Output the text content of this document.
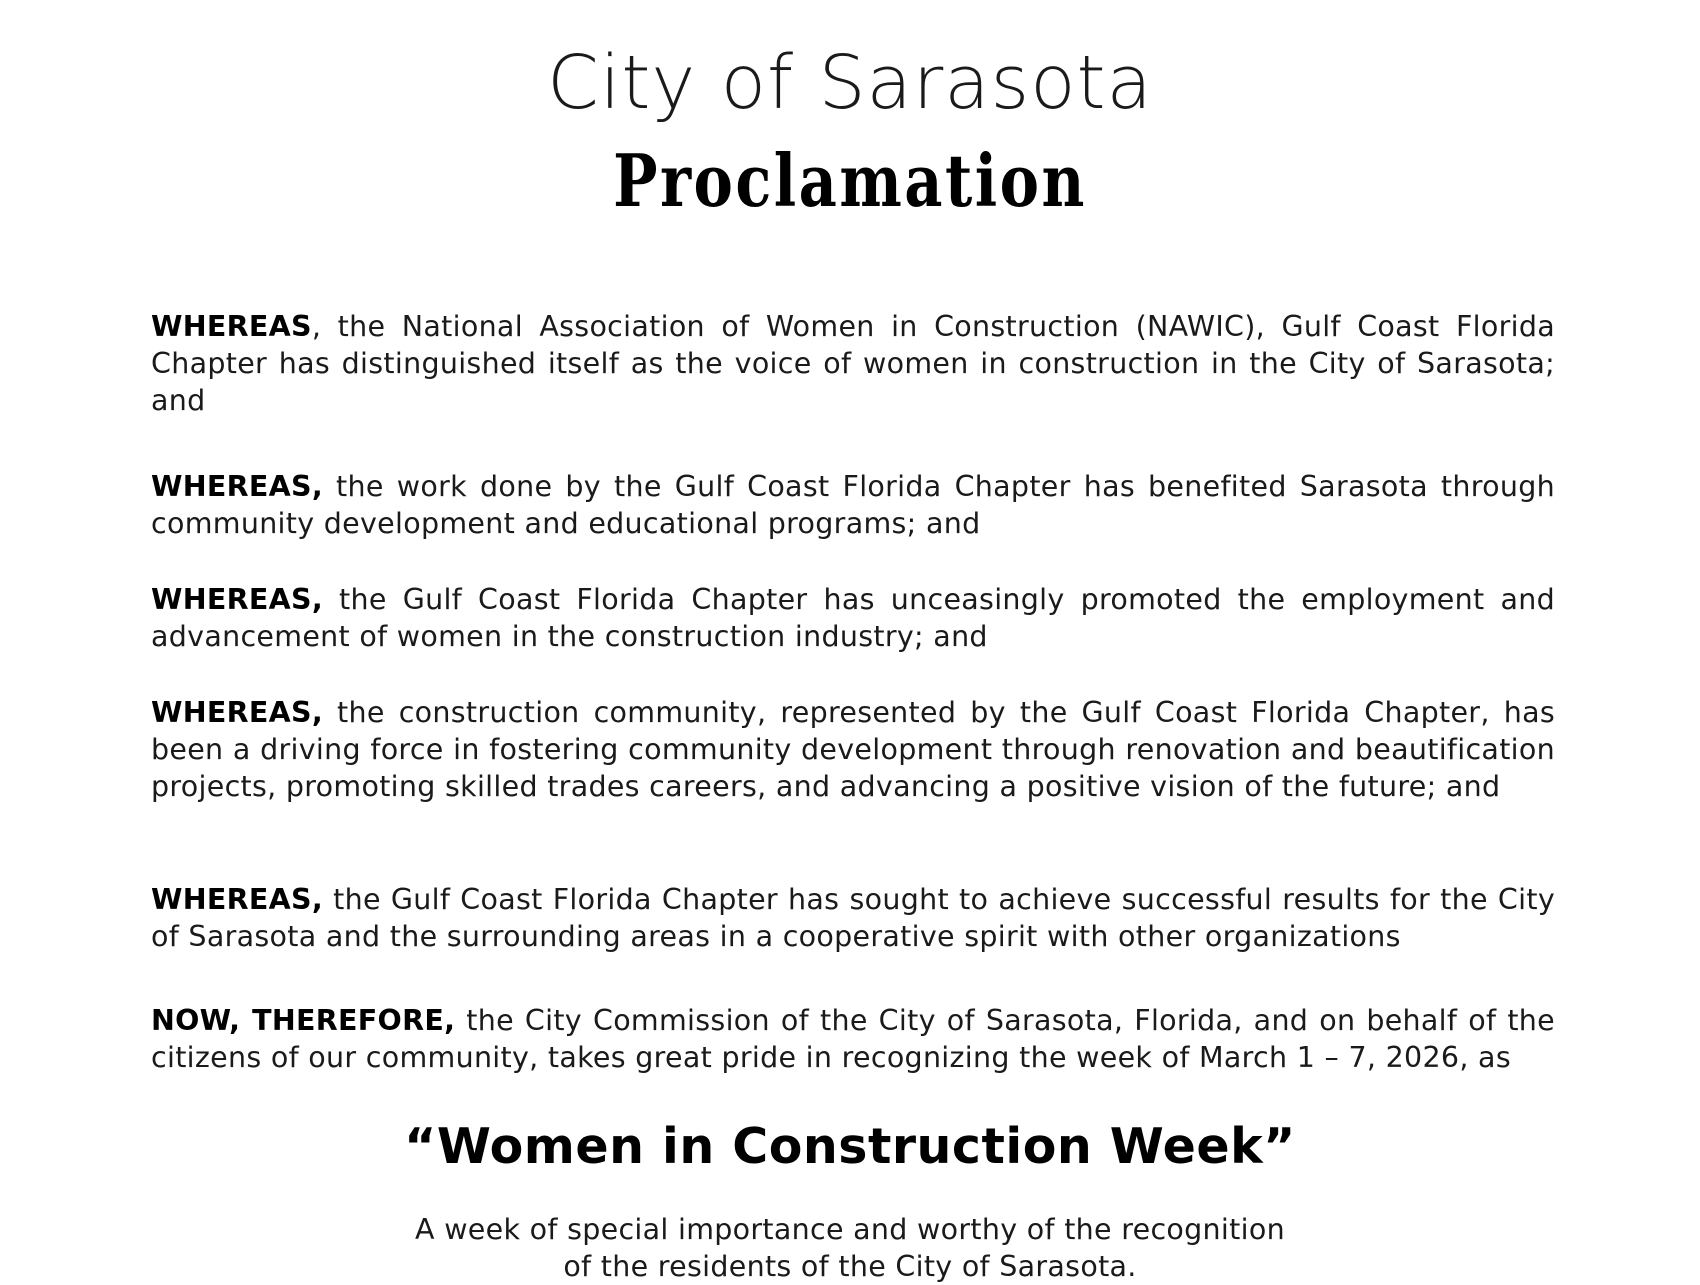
City of Sarasota
Proclamation
WHEREAS, the National Association of Women in Construction (NAWIC), Gulf Coast Florida Chapter has distinguished itself as the voice of women in construction in the City of Sarasota; and
WHEREAS, the work done by the Gulf Coast Florida Chapter has benefited Sarasota through community development and educational programs; and
WHEREAS, the Gulf Coast Florida Chapter has unceasingly promoted the employment and advancement of women in the construction industry; and
WHEREAS, the construction community, represented by the Gulf Coast Florida Chapter, has been a driving force in fostering community development through renovation and beautification projects, promoting skilled trades careers, and advancing a positive vision of the future; and
WHEREAS, the Gulf Coast Florida Chapter has sought to achieve successful results for the City of Sarasota and the surrounding areas in a cooperative spirit with other organizations
NOW, THEREFORE, the City Commission of the City of Sarasota, Florida, and on behalf of the citizens of our community, takes great pride in recognizing the week of March 1 – 7, 2026, as
“Women in Construction Week”
A week of special importance and worthy of the recognition
of the residents of the City of Sarasota.
